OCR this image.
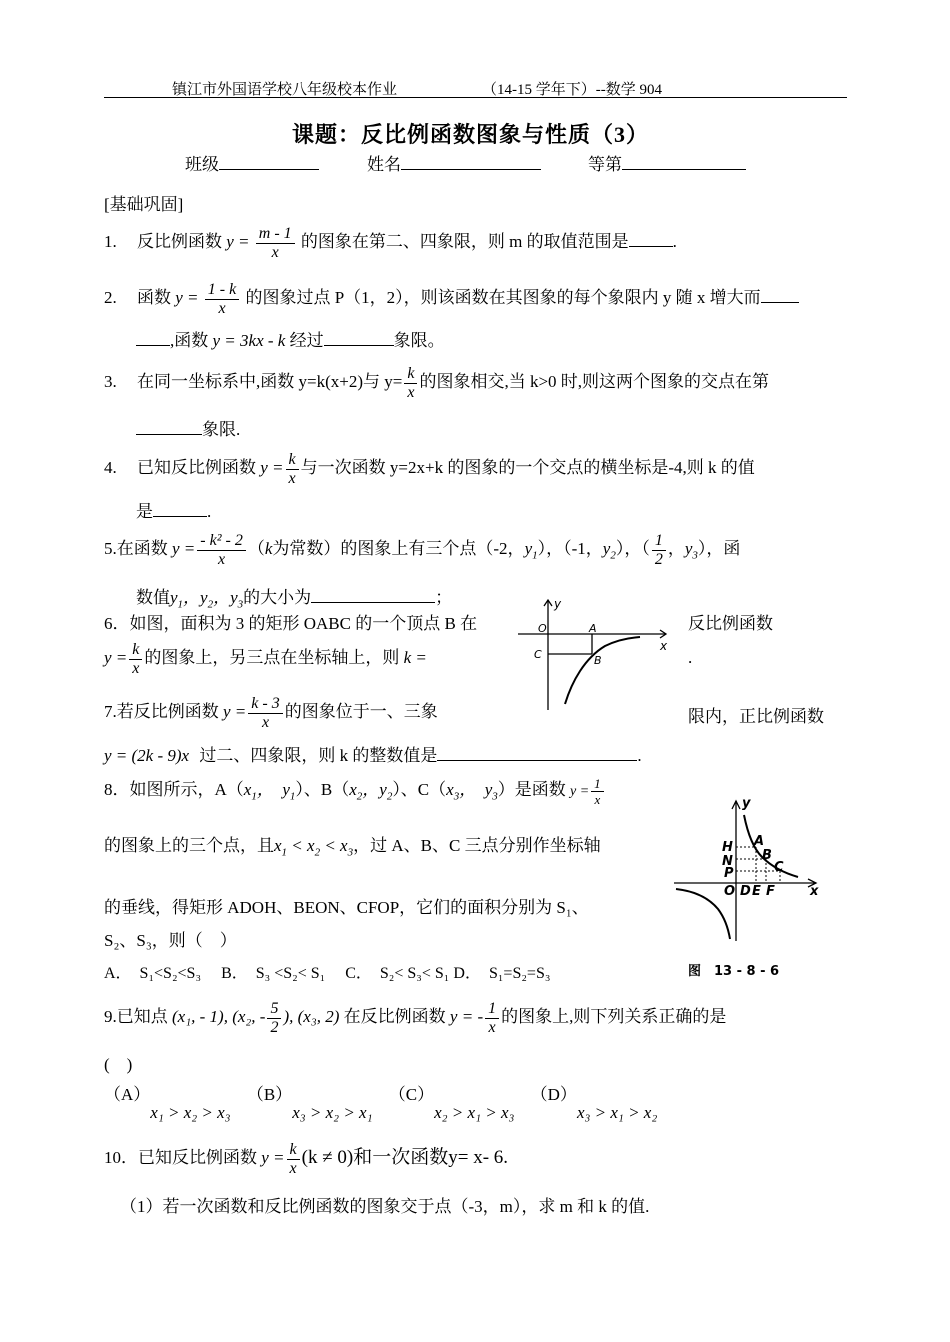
镇江市外国语学校八年级校本作业	（14-15 学年下）--数学 904
课题：反比例函数图象与性质（3）
班级	姓名	等第
[基础巩固]
1. 反比例函数 $y = \frac{m - 1}{x}$ 的图象在第二、四象限，则 m 的取值范围是	.
2. 函数 $y = \frac{1 - k}{x}$ 的图象过点 P（1，2），则该函数在其图象的每个象限内 y 随 x 增大而
,函数 y = 3kx - k 经过	象限。
3. 在同一坐标系中,函数 y=k(x+2)与 $y= \frac{k}{x}$ 的图象相交,当 k>0 时,则这两个图象的交点在第
象限.
4. 已知反比例函数 $y = \frac{k}{x}$ 与一次函数 y=2x+k 的图象的一个交点的横坐标是-4,则 k 的值
是	.
5.在函数 $y = \frac{\text{- k² - 2}}{x} (k$为常数）的图象上有三个点（-2，$y_1$），（-1，$y_2$），（ $\frac{1}{2}$ ，$y_3$），函
数值$y_1$，$y_2$，$y_3$的大小为	；
6．如图，面积为 3 的矩形 OABC 的一个顶点 B 在	反比例函数
$y = \frac{k}{x}$ 的图象上，另三点在坐标轴上，则 k =	.
y
x
O	A
C	B
7.若反比例函数 $y = \frac{k - 3}{x}$ 的图象位于一、三象	限内，正比例函数
y = (2k - 9)x 过二、四象限，则 k 的整数值是	.
8．如图所示，$A(x_1$，　$y_1$）、$B(x_2$，$y_2$）、$C(x_3$，　$y_3$）是函数 $y = \frac{1}{x}$
的图象上的三个点，且$x_1 < x_2 < x_3$，过 A、B、C 三点分别作坐标轴
的垂线，得矩形 ADOH、BEON、CFOP，它们的面积分别为 S₁、
S₂、S₃，则（　）
A．　S₁<S₂<S₃　 B．　S₃ <S₂< S₁　 C．　S₂< S₃< S₁ D．　S₁=S₂=S₃
y
x
H
N
P
O
A
B
C
D E F
图　13 - 8 - 6
9.已知点 (x₁, - 1), (x₂, - $\frac{5}{2}$ ), (x₃, 2) 在反比例函数 y = - $\frac{1}{x}$ 的图象上,则下列关系正确的是
(　)
（A）x₁ > x₂ > x₃ （B）x₃ > x₂ > x₁ （C）x₂ > x₁ > x₃ （D）x₃ > x₁ > x₂
10．已知反比例函数 $y = \frac{k}{x} (k \ne 0)$和一次函数y= x- 6.
（1）若一次函数和反比例函数的图象交于点（-3，m），求 m 和 k 的值.
